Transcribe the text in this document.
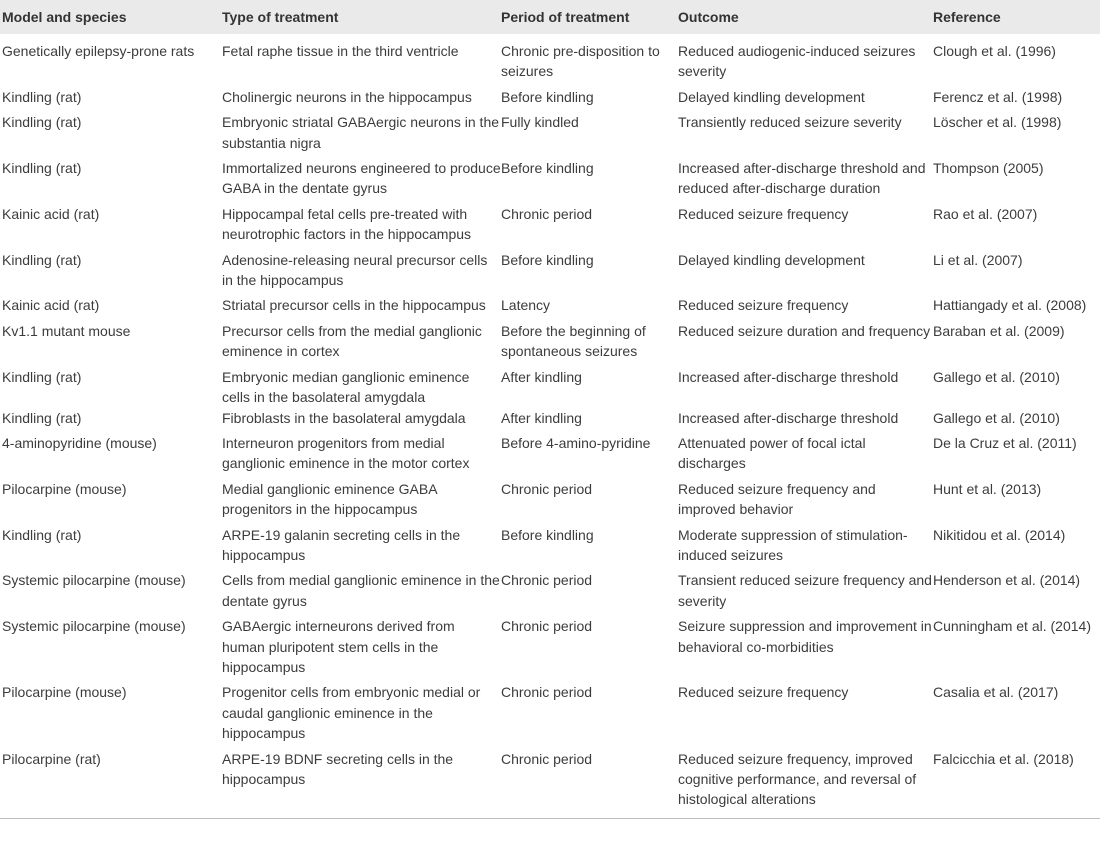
Model and species	Type of treatment	Period of treatment	Outcome	Reference
Genetically epilepsy-prone rats	Fetal raphe tissue in the third ventricle	Chronic pre-disposition to seizures	Reduced audiogenic-induced seizures severity	Clough et al. (1996)
Kindling (rat)	Cholinergic neurons in the hippocampus	Before kindling	Delayed kindling development	Ferencz et al. (1998)
Kindling (rat)	Embryonic striatal GABAergic neurons in the substantia nigra	Fully kindled	Transiently reduced seizure severity	Löscher et al. (1998)
Kindling (rat)	Immortalized neurons engineered to produce GABA in the dentate gyrus	Before kindling	Increased after-discharge threshold and reduced after-discharge duration	Thompson (2005)
Kainic acid (rat)	Hippocampal fetal cells pre-treated with neurotrophic factors in the hippocampus	Chronic period	Reduced seizure frequency	Rao et al. (2007)
Kindling (rat)	Adenosine-releasing neural precursor cells in the hippocampus	Before kindling	Delayed kindling development	Li et al. (2007)
Kainic acid (rat)	Striatal precursor cells in the hippocampus	Latency	Reduced seizure frequency	Hattiangady et al. (2008)
Kv1.1 mutant mouse	Precursor cells from the medial ganglionic eminence in cortex	Before the beginning of spontaneous seizures	Reduced seizure duration and frequency	Baraban et al. (2009)
Kindling (rat)	Embryonic median ganglionic eminence cells in the basolateral amygdala	After kindling	Increased after-discharge threshold	Gallego et al. (2010)
Kindling (rat)	Fibroblasts in the basolateral amygdala	After kindling	Increased after-discharge threshold	Gallego et al. (2010)
4-aminopyridine (mouse)	Interneuron progenitors from medial ganglionic eminence in the motor cortex	Before 4-amino-pyridine	Attenuated power of focal ictal discharges	De la Cruz et al. (2011)
Pilocarpine (mouse)	Medial ganglionic eminence GABA progenitors in the hippocampus	Chronic period	Reduced seizure frequency and improved behavior	Hunt et al. (2013)
Kindling (rat)	ARPE-19 galanin secreting cells in the hippocampus	Before kindling	Moderate suppression of stimulation-induced seizures	Nikitidou et al. (2014)
Systemic pilocarpine (mouse)	Cells from medial ganglionic eminence in the dentate gyrus	Chronic period	Transient reduced seizure frequency and severity	Henderson et al. (2014)
Systemic pilocarpine (mouse)	GABAergic interneurons derived from human pluripotent stem cells in the hippocampus	Chronic period	Seizure suppression and improvement in behavioral co-morbidities	Cunningham et al. (2014)
Pilocarpine (mouse)	Progenitor cells from embryonic medial or caudal ganglionic eminence in the hippocampus	Chronic period	Reduced seizure frequency	Casalia et al. (2017)
Pilocarpine (rat)	ARPE-19 BDNF secreting cells in the hippocampus	Chronic period	Reduced seizure frequency, improved cognitive performance, and reversal of histological alterations	Falcicchia et al. (2018)
